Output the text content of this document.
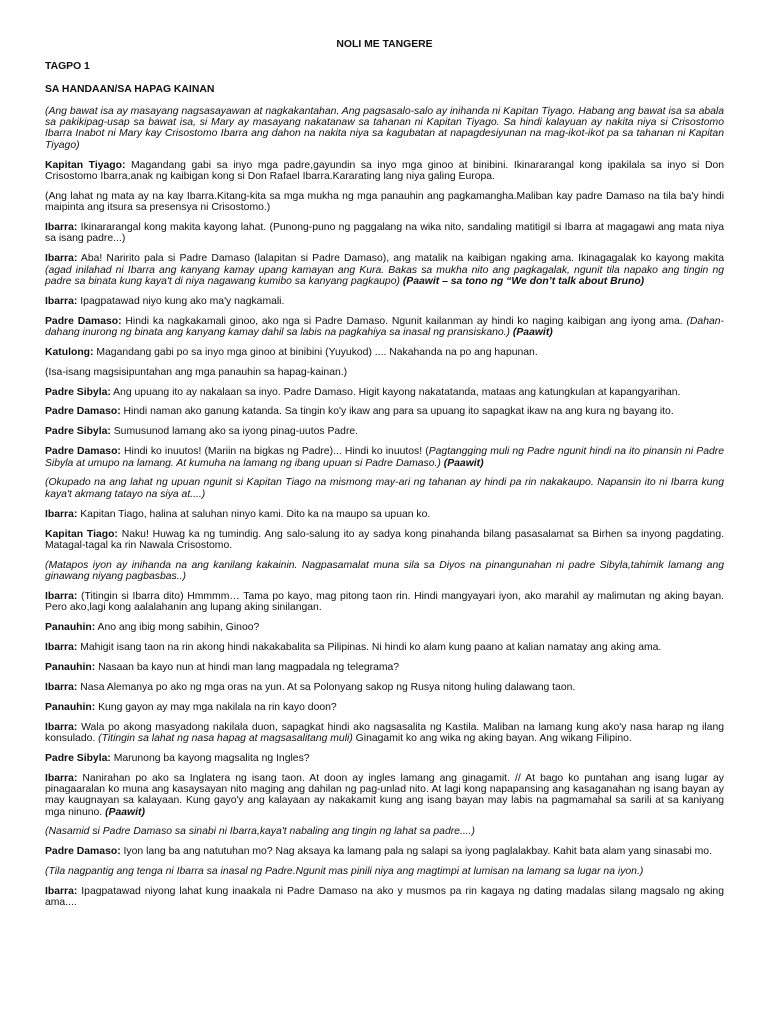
NOLI ME TANGERE
TAGPO 1
SA HANDAAN/SA HAPAG KAINAN

(Ang bawat isa ay masayang nagsasayawan at nagkakantahan. Ang pagsasalo-salo ay inihanda ni Kapitan Tiyago. Habang ang bawat isa sa abala sa pakikipag-usap sa bawat isa, si Mary ay masayang nakatanaw sa tahanan ni Kapitan Tiyago. Sa hindi kalayuan ay nakita niya si Crisostomo Ibarra Inabot ni Mary kay Crisostomo Ibarra ang dahon na nakita niya sa kagubatan at napagdesiyunan na mag-ikot-ikot pa sa tahanan ni Kapitan Tiyago)

Kapitan Tiyago: Magandang gabi sa inyo mga padre,gayundin sa inyo mga ginoo at binibini. Ikinararangal kong ipakilala sa inyo si Don Crisostomo Ibarra,anak ng kaibigan kong si Don Rafael Ibarra.Kararating lang niya galing Europa.

(Ang lahat ng mata ay na kay Ibarra.Kitang-kita sa mga mukha ng mga panauhin ang pagkamangha.Maliban kay padre Damaso na tila ba'y hindi maipinta ang itsura sa presensya ni Crisostomo.)

Ibarra: Ikinararangal kong makita kayong lahat. (Punong-puno ng paggalang na wika nito, sandaling matitigil si Ibarra at magagawi ang mata niya sa isang padre...)

Ibarra: Aba! Naririto pala si Padre Damaso (lalapitan si Padre Damaso), ang matalik na kaibigan ngaking ama. Ikinagagalak ko kayong makita (agad inilahad ni Ibarra ang kanyang kamay upang kamayan ang Kura. Bakas sa mukha nito ang pagkagalak, ngunit tila napako ang tingin ng padre sa binata kung kaya't di niya nagawang kumibo sa kanyang pagkaupo) (Paawit – sa tono ng “We don’t talk about Bruno)

Ibarra: Ipagpatawad niyo kung ako ma'y nagkamali.

Padre Damaso: Hindi ka nagkakamali ginoo, ako nga si Padre Damaso. Ngunit kailanman ay hindi ko naging kaibigan ang iyong ama. (Dahan-dahang inurong ng binata ang kanyang kamay dahil sa labis na pagkahiya sa inasal ng pransiskano.) (Paawit)

Katulong: Magandang gabi po sa inyo mga ginoo at binibini (Yuyukod) .... Nakahanda na po ang hapunan.

(Isa-isang magsisipuntahan ang mga panauhin sa hapag-kainan.)

Padre Sibyla: Ang upuang ito ay nakalaan sa inyo. Padre Damaso. Higit kayong nakatatanda, mataas ang katungkulan at kapangyarihan.

Padre Damaso: Hindi naman ako ganung katanda. Sa tingin ko'y ikaw ang para sa upuang ito sapagkat ikaw na ang kura ng bayang ito.

Padre Sibyla: Sumusunod lamang ako sa iyong pinag-uutos Padre.

Padre Damaso: Hindi ko inuutos! (Mariin na bigkas ng Padre)... Hindi ko inuutos! (Pagtangging muli ng Padre ngunit hindi na ito pinansin ni Padre Sibyla at umupo na lamang. At kumuha na lamang ng ibang upuan si Padre Damaso.) (Paawit)

(Okupado na ang lahat ng upuan ngunit si Kapitan Tiago na mismong may-ari ng tahanan ay hindi pa rin nakakaupo. Napansin ito ni Ibarra kung kaya't akmang tatayo na siya at....)

Ibarra: Kapitan Tiago, halina at saluhan ninyo kami. Dito ka na maupo sa upuan ko.

Kapitan Tiago: Naku! Huwag ka ng tumindig. Ang salo-salung ito ay sadya kong pinahanda bilang pasasalamat sa Birhen sa inyong pagdating. Matagal-tagal ka rin Nawala Crisostomo.

(Matapos iyon ay inihanda na ang kanilang kakainin. Nagpasamalat muna sila sa Diyos na pinangunahan ni padre Sibyla,tahimik lamang ang ginawang niyang pagbasbas..)

Ibarra: (Titingin si Ibarra dito) Hmmmm… Tama po kayo, mag pitong taon rin. Hindi mangyayari iyon, ako marahil ay malimutan ng aking bayan. Pero ako,lagi kong aalalahanin ang lupang aking sinilangan.

Panauhin: Ano ang ibig mong sabihin, Ginoo?

Ibarra: Mahigit isang taon na rin akong hindi nakakabalita sa Pilipinas. Ni hindi ko alam kung paano at kalian namatay ang aking ama.

Panauhin: Nasaan ba kayo nun at hindi man lang magpadala ng telegrama?

Ibarra: Nasa Alemanya po ako ng mga oras na yun. At sa Polonyang sakop ng Rusya nitong huling dalawang taon.

Panauhin: Kung gayon ay may mga nakilala na rin kayo doon?

Ibarra: Wala po akong masyadong nakilala duon, sapagkat hindi ako nagsasalita ng Kastila. Maliban na lamang kung ako'y nasa harap ng ilang konsulado. (Titingin sa lahat ng nasa hapag at magsasalitang muli) Ginagamit ko ang wika ng aking bayan. Ang wikang Filipino.

Padre Sibyla: Marunong ba kayong magsalita ng Ingles?

Ibarra: Nanirahan po ako sa Inglatera ng isang taon. At doon ay ingles lamang ang ginagamit. // At bago ko puntahan ang isang lugar ay pinagaaralan ko muna ang kasaysayan nito maging ang dahilan ng pag-unlad nito. At lagi kong napapansing ang kasaganahan ng isang bayan ay may kaugnayan sa kalayaan. Kung gayo'y ang kalayaan ay nakakamit kung ang isang bayan may labis na pagmamahal sa sarili at sa kaniyang mga ninuno. (Paawit)

(Nasamid si Padre Damaso sa sinabi ni Ibarra,kaya't nabaling ang tingin ng lahat sa padre....)

Padre Damaso: Iyon lang ba ang natutuhan mo? Nag aksaya ka lamang pala ng salapi sa iyong paglalakbay. Kahit bata alam yang sinasabi mo.

(Tila nagpantig ang tenga ni Ibarra sa inasal ng Padre.Ngunit mas pinili niya ang magtimpi at lumisan na lamang sa lugar na iyon.)

Ibarra: Ipagpatawad niyong lahat kung inaakala ni Padre Damaso na ako y musmos pa rin kagaya ng dating madalas silang magsalo ng aking ama....
